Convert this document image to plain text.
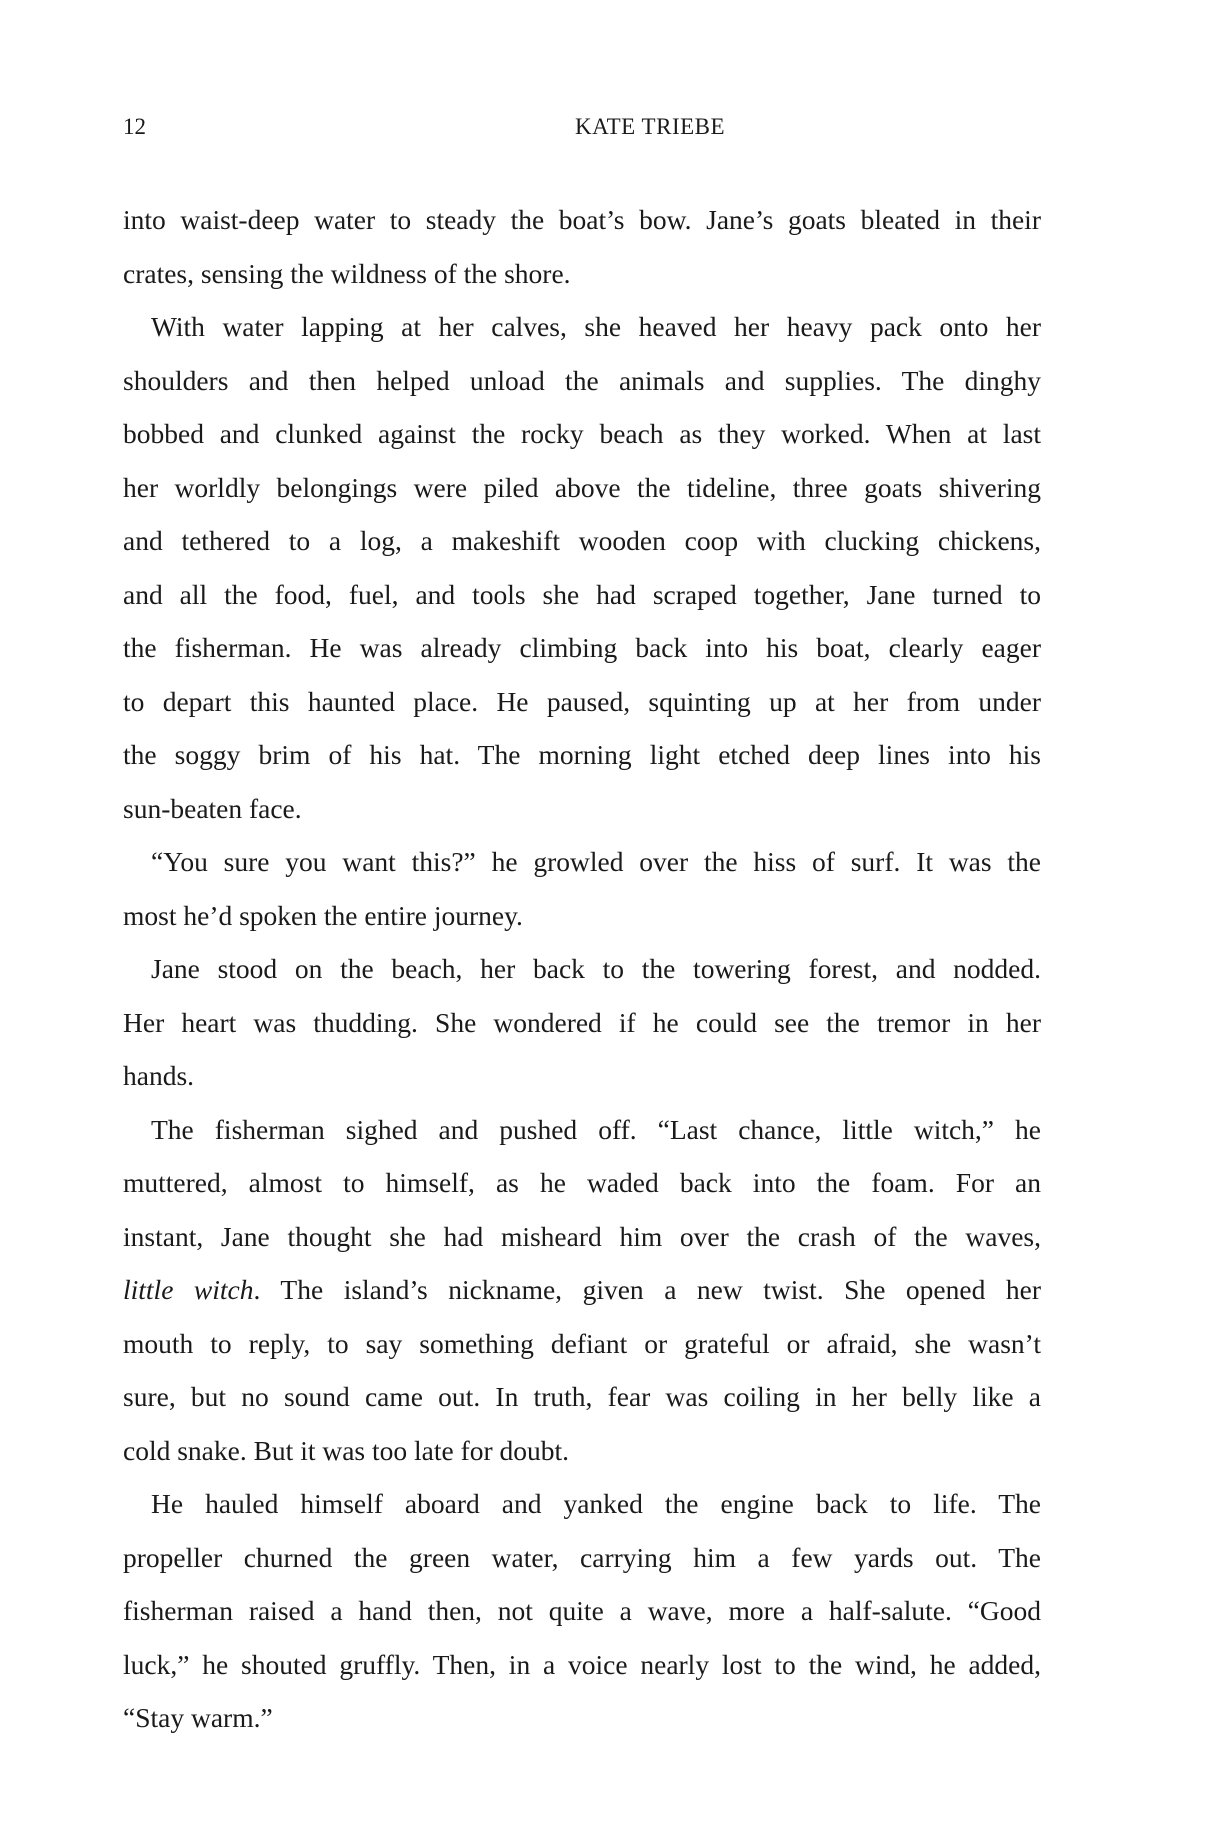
12	KATE TRIEBE
into waist-deep water to steady the boat’s bow. Jane’s goats bleated in their
crates, sensing the wildness of the shore.
With water lapping at her calves, she heaved her heavy pack onto her
shoulders and then helped unload the animals and supplies. The dinghy
bobbed and clunked against the rocky beach as they worked. When at last
her worldly belongings were piled above the tideline, three goats shivering
and tethered to a log, a makeshift wooden coop with clucking chickens,
and all the food, fuel, and tools she had scraped together, Jane turned to
the fisherman. He was already climbing back into his boat, clearly eager
to depart this haunted place. He paused, squinting up at her from under
the soggy brim of his hat. The morning light etched deep lines into his
sun-beaten face.
“You sure you want this?” he growled over the hiss of surf. It was the
most he’d spoken the entire journey.
Jane stood on the beach, her back to the towering forest, and nodded.
Her heart was thudding. She wondered if he could see the tremor in her
hands.
The fisherman sighed and pushed off. “Last chance, little witch,” he
muttered, almost to himself, as he waded back into the foam. For an
instant, Jane thought she had misheard him over the crash of the waves,
little witch. The island’s nickname, given a new twist. She opened her
mouth to reply, to say something defiant or grateful or afraid, she wasn’t
sure, but no sound came out. In truth, fear was coiling in her belly like a
cold snake. But it was too late for doubt.
He hauled himself aboard and yanked the engine back to life. The
propeller churned the green water, carrying him a few yards out. The
fisherman raised a hand then, not quite a wave, more a half-salute. “Good
luck,” he shouted gruffly. Then, in a voice nearly lost to the wind, he added,
“Stay warm.”
